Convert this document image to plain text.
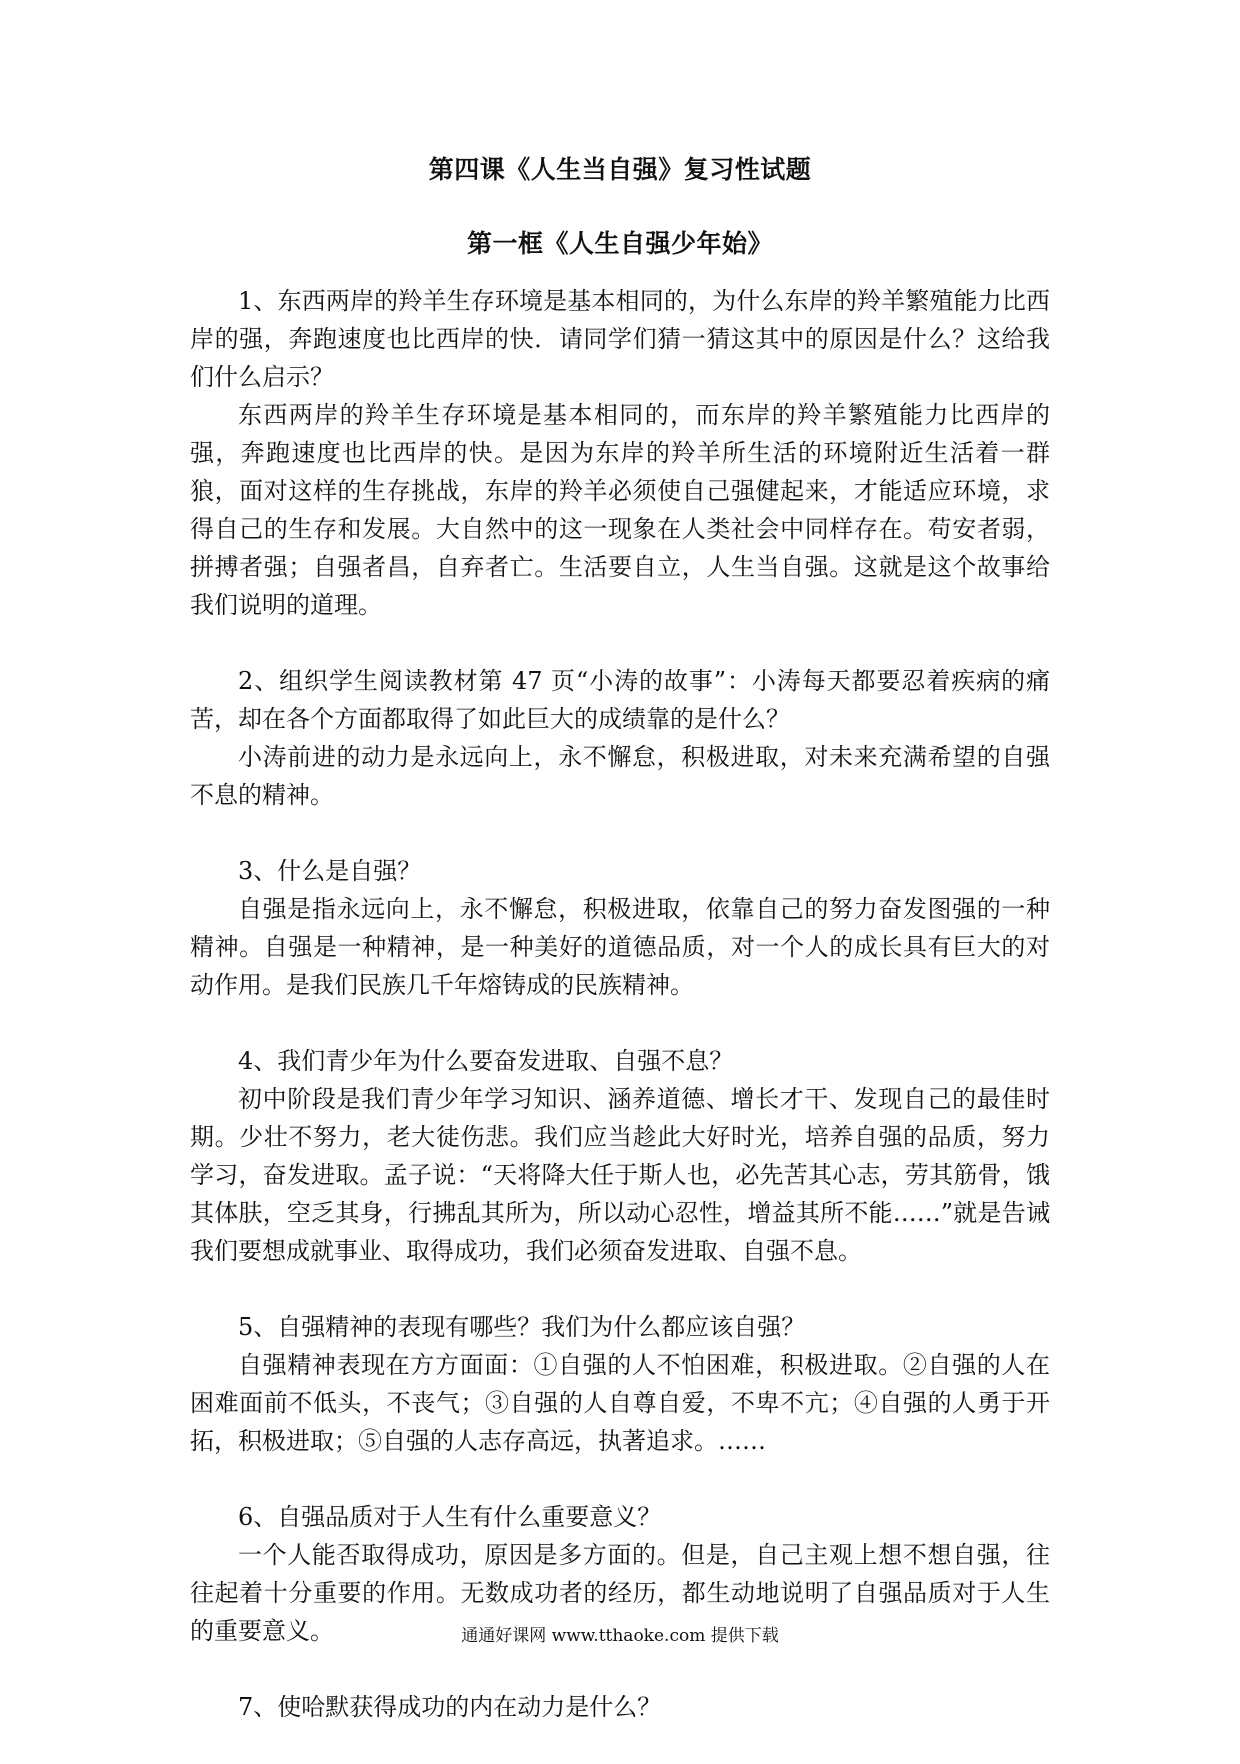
第四课《人生当自强》复习性试题
第一框《人生自强少年始》

1、东西两岸的羚羊生存环境是基本相同的，为什么东岸的羚羊繁殖能力比西岸的强，奔跑速度也比西岸的快．请同学们猜一猜这其中的原因是什么？这给我们什么启示？

东西两岸的羚羊生存环境是基本相同的，而东岸的羚羊繁殖能力比西岸的强，奔跑速度也比西岸的快。是因为东岸的羚羊所生活的环境附近生活着一群狼，面对这样的生存挑战，东岸的羚羊必须使自己强健起来，才能适应环境，求得自己的生存和发展。大自然中的这一现象在人类社会中同样存在。苟安者弱，拼搏者强；自强者昌，自弃者亡。生活要自立，人生当自强。这就是这个故事给我们说明的道理。

2、组织学生阅读教材第 47 页“小涛的故事”：小涛每天都要忍着疾病的痛苦，却在各个方面都取得了如此巨大的成绩靠的是什么？

小涛前进的动力是永远向上，永不懈怠，积极进取，对未来充满希望的自强不息的精神。

3、什么是自强？

自强是指永远向上，永不懈怠，积极进取，依靠自己的努力奋发图强的一种精神。自强是一种精神，是一种美好的道德品质，对一个人的成长具有巨大的对动作用。是我们民族几千年熔铸成的民族精神。

4、我们青少年为什么要奋发进取、自强不息？

初中阶段是我们青少年学习知识、涵养道德、增长才干、发现自己的最佳时期。少壮不努力，老大徒伤悲。我们应当趁此大好时光，培养自强的品质，努力学习，奋发进取。孟子说：“天将降大任于斯人也，必先苦其心志，劳其筋骨，饿其体肤，空乏其身，行拂乱其所为，所以动心忍性，增益其所不能……”就是告诫我们要想成就事业、取得成功，我们必须奋发进取、自强不息。

5、自强精神的表现有哪些？我们为什么都应该自强？

自强精神表现在方方面面：①自强的人不怕困难，积极进取。②自强的人在困难面前不低头，不丧气；③自强的人自尊自爱，不卑不亢；④自强的人勇于开拓，积极进取；⑤自强的人志存高远，执著追求。……

6、自强品质对于人生有什么重要意义？

一个人能否取得成功，原因是多方面的。但是，自己主观上想不想自强，往往起着十分重要的作用。无数成功者的经历，都生动地说明了自强品质对于人生的重要意义。

7、使哈默获得成功的内在动力是什么？

通通好课网 www.tthaoke.com 提供下载
